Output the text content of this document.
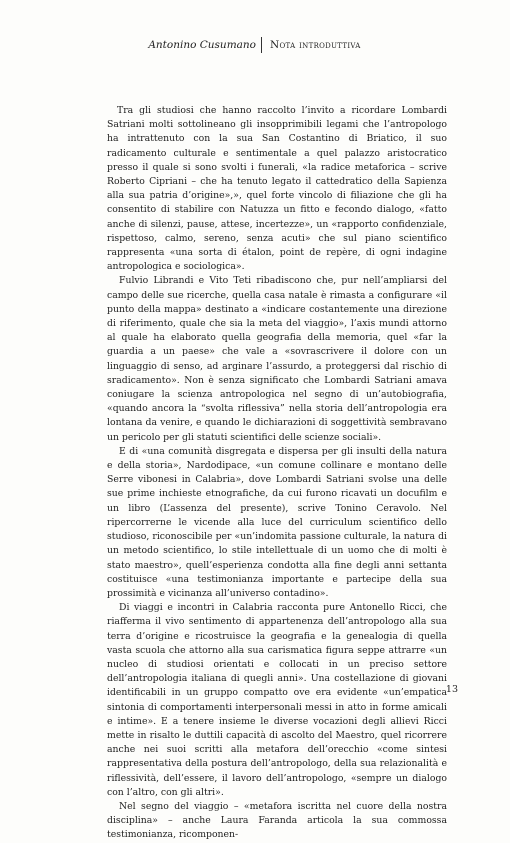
Antonino Cusumano Nota introduttiva

Tra gli studiosi che hanno raccolto l’invito a ricordare Lombardi Satriani molti sottolineano gli insopprimibili legami che l’antropologo ha intrattenuto con la sua San Costantino di Briatico, il suo radicamento culturale e sentimentale a quel palazzo aristocratico presso il quale si sono svolti i funerali, «la radice metaforica – scrive Roberto Cipriani – che ha tenuto legato il cattedratico della Sapienza alla sua patria d’origine»,», quel forte vincolo di filiazione che gli ha consentito di stabilire con Natuzza un fitto e fecondo dialogo, «fatto anche di silenzi, pause, attese, incertezze», un «rapporto confidenziale, rispettoso, calmo, sereno, senza acuti» che sul piano scientifico rappresenta «una sorta di étalon, point de repère, di ogni indagine antropologica e sociologica».

Fulvio Librandi e Vito Teti ribadiscono che, pur nell’ampliarsi del campo delle sue ricerche, quella casa natale è rimasta a configurare «il punto della mappa» destinato a «indicare costantemente una direzione di riferimento, quale che sia la meta del viaggio», l’axis mundi attorno al quale ha elaborato quella geografia della memoria, quel «far la guardia a un paese» che vale a «sovrascrivere il dolore con un linguaggio di senso, ad arginare l’assurdo, a proteggersi dal rischio di sradicamento». Non è senza significato che Lombardi Satriani amava coniugare la scienza antropologica nel segno di un’autobiografia, «quando ancora la “svolta riflessiva” nella storia dell’antropologia era lontana da venire, e quando le dichiarazioni di soggettività sembravano un pericolo per gli statuti scientifici delle scienze sociali».

E di «una comunità disgregata e dispersa per gli insulti della natura e della storia», Nardodipace, «un comune collinare e montano delle Serre vibonesi in Calabria», dove Lombardi Satriani svolse una delle sue prime inchieste etnografiche, da cui furono ricavati un docufilm e un libro (L’assenza del presente), scrive Tonino Ceravolo. Nel ripercorrerne le vicende alla luce del curriculum scientifico dello studioso, riconoscibile per «un’indomita passione culturale, la natura di un metodo scientifico, lo stile intellettuale di un uomo che di molti è stato maestro», quell’esperienza condotta alla fine degli anni settanta costituisce «una testimonianza importante e partecipe della sua prossimità e vicinanza all’universo contadino».

Di viaggi e incontri in Calabria racconta pure Antonello Ricci, che riafferma il vivo sentimento di appartenenza dell’antropologo alla sua terra d’origine e ricostruisce la geografia e la genealogia di quella vasta scuola che attorno alla sua carismatica figura seppe attrarre «un nucleo di studiosi orientati e collocati in un preciso settore dell’antropologia italiana di quegli anni». Una costellazione di giovani identificabili in un gruppo compatto ove era evidente «un’empatica sintonia di comportamenti interpersonali messi in atto in forme amicali e intime». E a tenere insieme le diverse vocazioni degli allievi Ricci mette in risalto le duttili capacità di ascolto del Maestro, quel ricorrere anche nei suoi scritti alla metafora dell’orecchio «come sintesi rappresentativa della postura dell’antropologo, della sua relazionalità e riflessività, dell’essere, il lavoro dell’antropologo, «sempre un dialogo con l’altro, con gli altri».

Nel segno del viaggio – «metafora iscritta nel cuore della nostra disciplina» – anche Laura Faranda articola la sua commossa testimonianza, ricomponen-

13
